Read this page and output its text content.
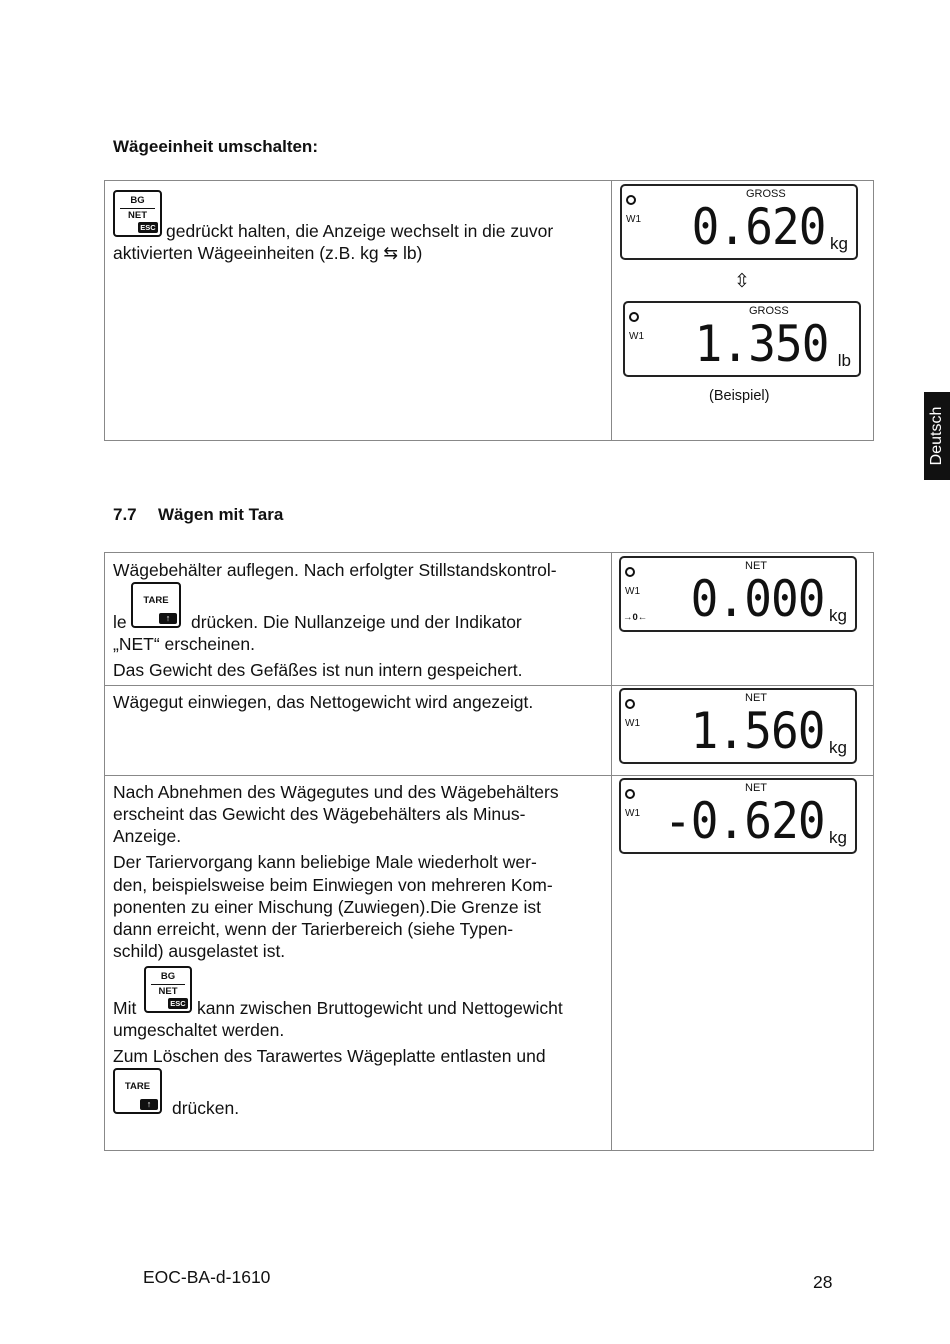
Wägeeinheit umschalten:
BG
NET
ESC gedrückt halten, die Anzeige wechselt in die zuvor
aktivierten Wägeeinheiten (z.B. kg ⇆ lb)
W1
GROSS
0.620 kg
⇳
W1
GROSS
1.350 lb
(Beispiel)
Deutsch
7.7 Wägen mit Tara
Wägebehälter auflegen. Nach erfolgter Stillstandskontrol-
le
TARE
↑	drücken. Die Nullanzeige und der Indikator
„NET“ erscheinen.
Das Gewicht des Gefäßes ist nun intern gespeichert.
W1
→0←
NET
0.000 kg
Wägegut einwiegen, das Nettogewicht wird angezeigt.
W1
NET
1.560 kg
Nach Abnehmen des Wägegutes und des Wägebehälters
erscheint das Gewicht des Wägebehälters als Minus-
Anzeige.
Der Tariervorgang kann beliebige Male wiederholt wer-
den, beispielsweise beim Einwiegen von mehreren Kom-
ponenten zu einer Mischung (Zuwiegen).Die Grenze ist
dann erreicht, wenn der Tarierbereich (siehe Typen-
schild) ausgelastet ist.
Mit
BG
NET
ESC kann zwischen Bruttogewicht und Nettogewicht
umgeschaltet werden.
Zum Löschen des Tarawertes Wägeplatte entlasten und
TARE
↑	drücken.
W1
NET
-0.620 kg
EOC-BA-d-1610	28
